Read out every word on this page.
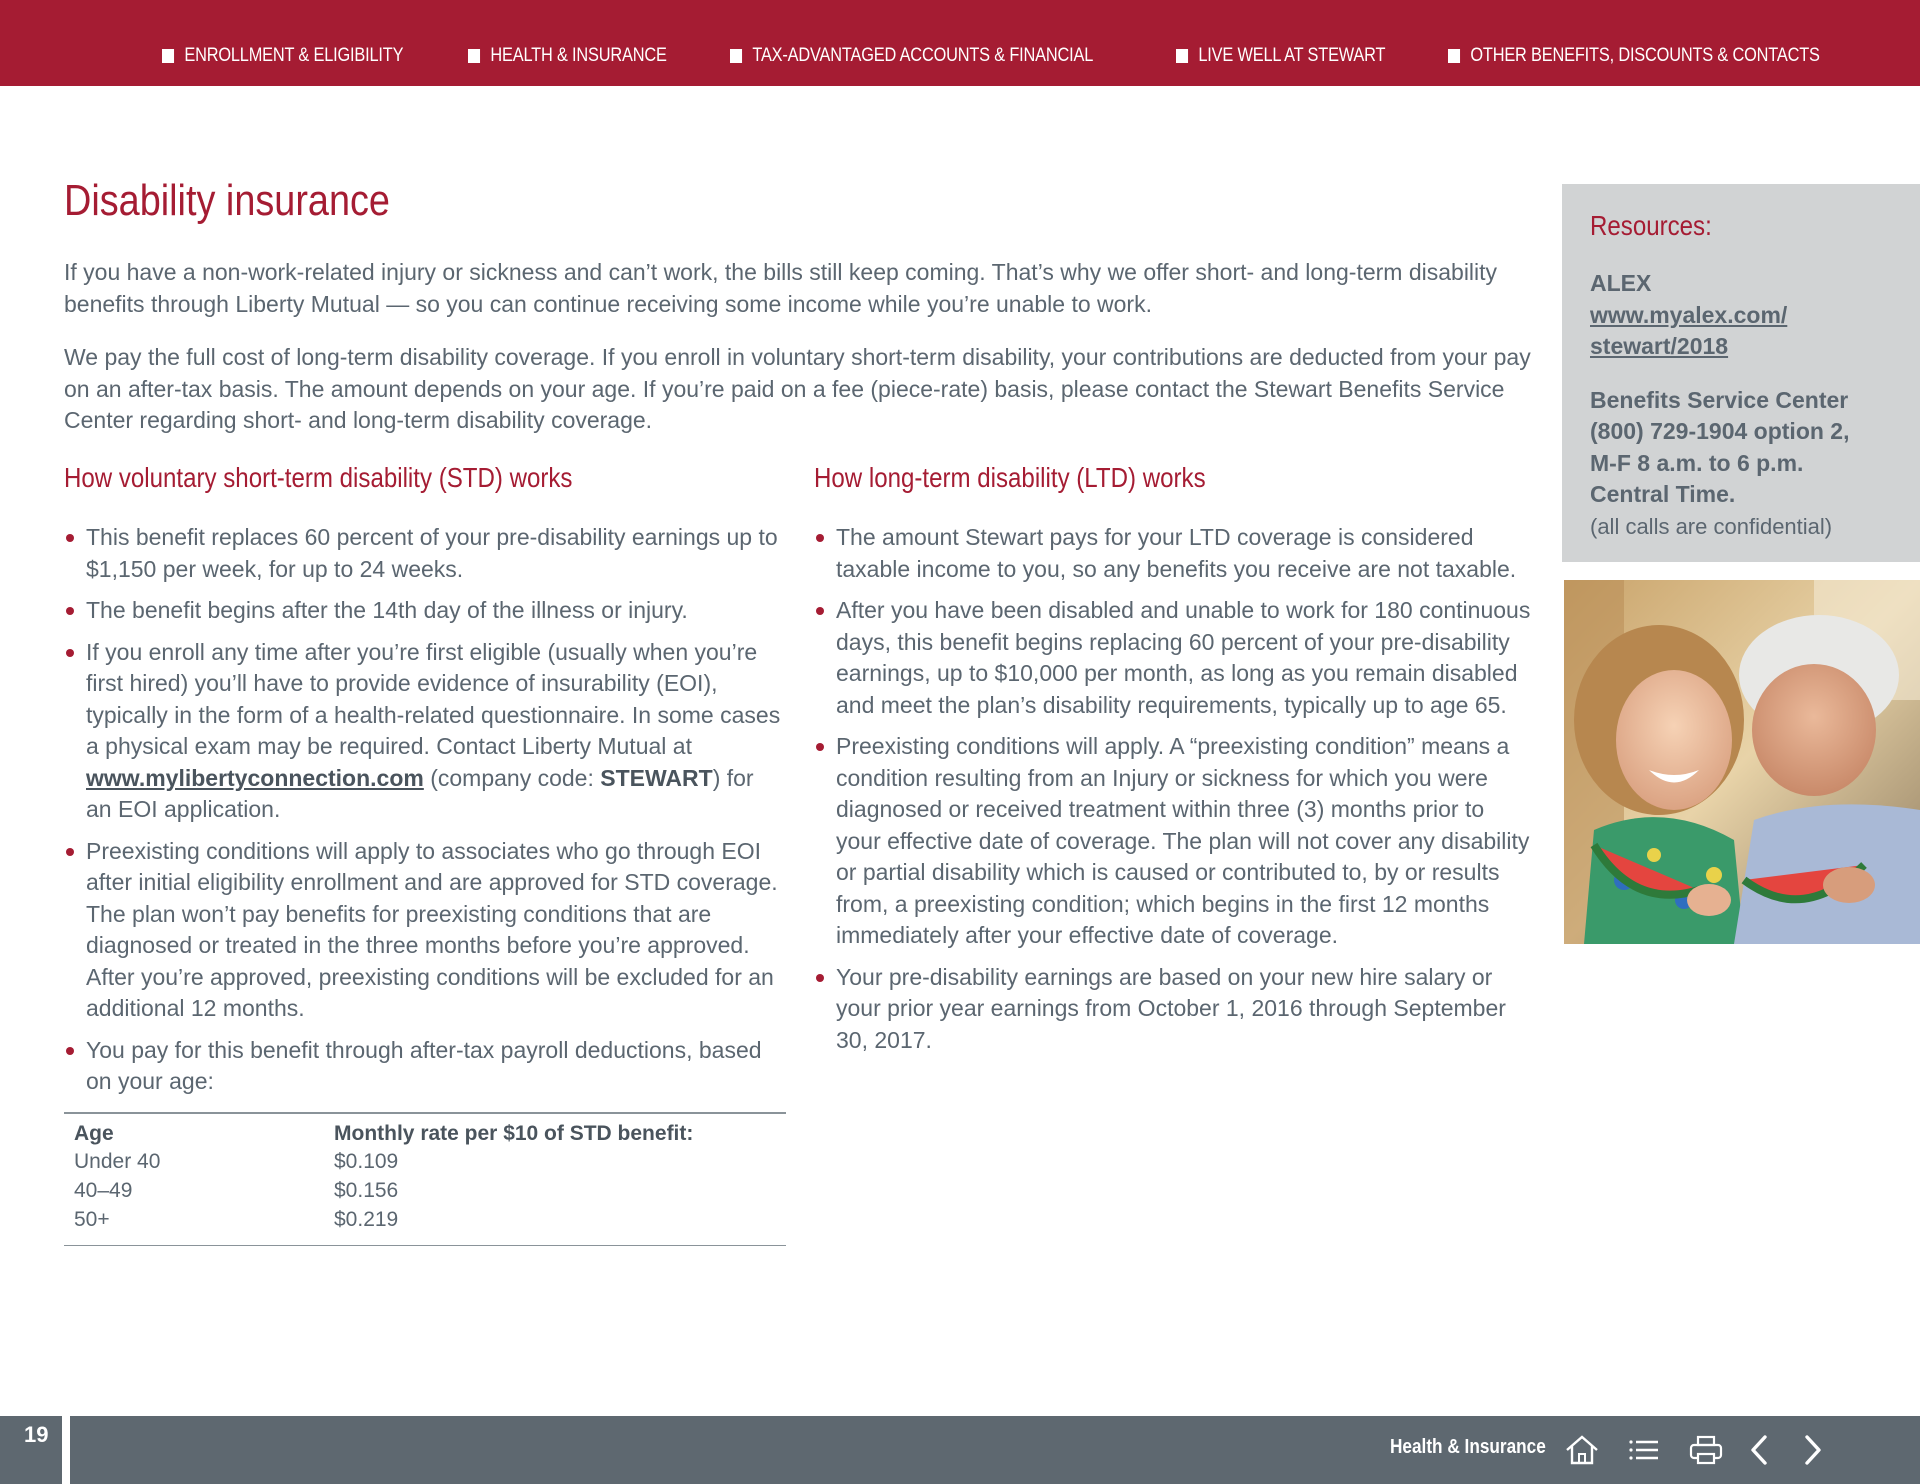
ENROLLMENT & ELIGIBILITY	HEALTH & INSURANCE	TAX-ADVANTAGED ACCOUNTS & FINANCIAL	LIVE WELL AT STEWART	OTHER BENEFITS, DISCOUNTS & CONTACTS
Disability insurance

If you have a non-work-related injury or sickness and can’t work, the bills still keep coming. That’s why we offer short- and long-term disability benefits through Liberty Mutual — so you can continue receiving some income while you’re unable to work.

We pay the full cost of long-term disability coverage. If you enroll in voluntary short-term disability, your contributions are deducted from your pay on an after-tax basis. The amount depends on your age. If you’re paid on a fee (piece-rate) basis, please contact the Stewart Benefits Service Center regarding short- and long-term disability coverage.

How voluntary short-term disability (STD) works
This benefit replaces 60 percent of your pre-disability earnings up to $1,150 per week, for up to 24 weeks.
The benefit begins after the 14th day of the illness or injury.
If you enroll any time after you’re first eligible (usually when you’re first hired) you’ll have to provide evidence of insurability (EOI), typically in the form of a health-related questionnaire. In some cases a physical exam may be required. Contact Liberty Mutual at www.mylibertyconnection.com (company code: STEWART) for an EOI application.
Preexisting conditions will apply to associates who go through EOI after initial eligibility enrollment and are approved for STD coverage. The plan won’t pay benefits for preexisting conditions that are diagnosed or treated in the three months before you’re approved. After you’re approved, preexisting conditions will be excluded for an additional 12 months.
You pay for this benefit through after-tax payroll deductions, based on your age:
Age	Monthly rate per $10 of STD benefit:
Under 40	$0.109
40–49	$0.156
50+	$0.219
How long-term disability (LTD) works
The amount Stewart pays for your LTD coverage is considered taxable income to you, so any benefits you receive are not taxable.
After you have been disabled and unable to work for 180 continuous days, this benefit begins replacing 60 percent of your pre-disability earnings, up to $10,000 per month, as long as you remain disabled and meet the plan’s disability requirements, typically up to age 65.
Preexisting conditions will apply. A “preexisting condition” means a condition resulting from an Injury or sickness for which you were diagnosed or received treatment within three (3) months prior to your effective date of coverage. The plan will not cover any disability or partial disability which is caused or contributed to, by or results from, a preexisting condition; which begins in the first 12 months immediately after your effective date of coverage.
Your pre-disability earnings are based on your new hire salary or your prior year earnings from October 1, 2016 through September 30, 2017.
Resources:
ALEX
www.myalex.com/
stewart/2018
Benefits Service Center
(800) 729-1904 option 2,
M-F 8 a.m. to 6 p.m.
Central Time.
(all calls are confidential)
Health & Insurance
19
